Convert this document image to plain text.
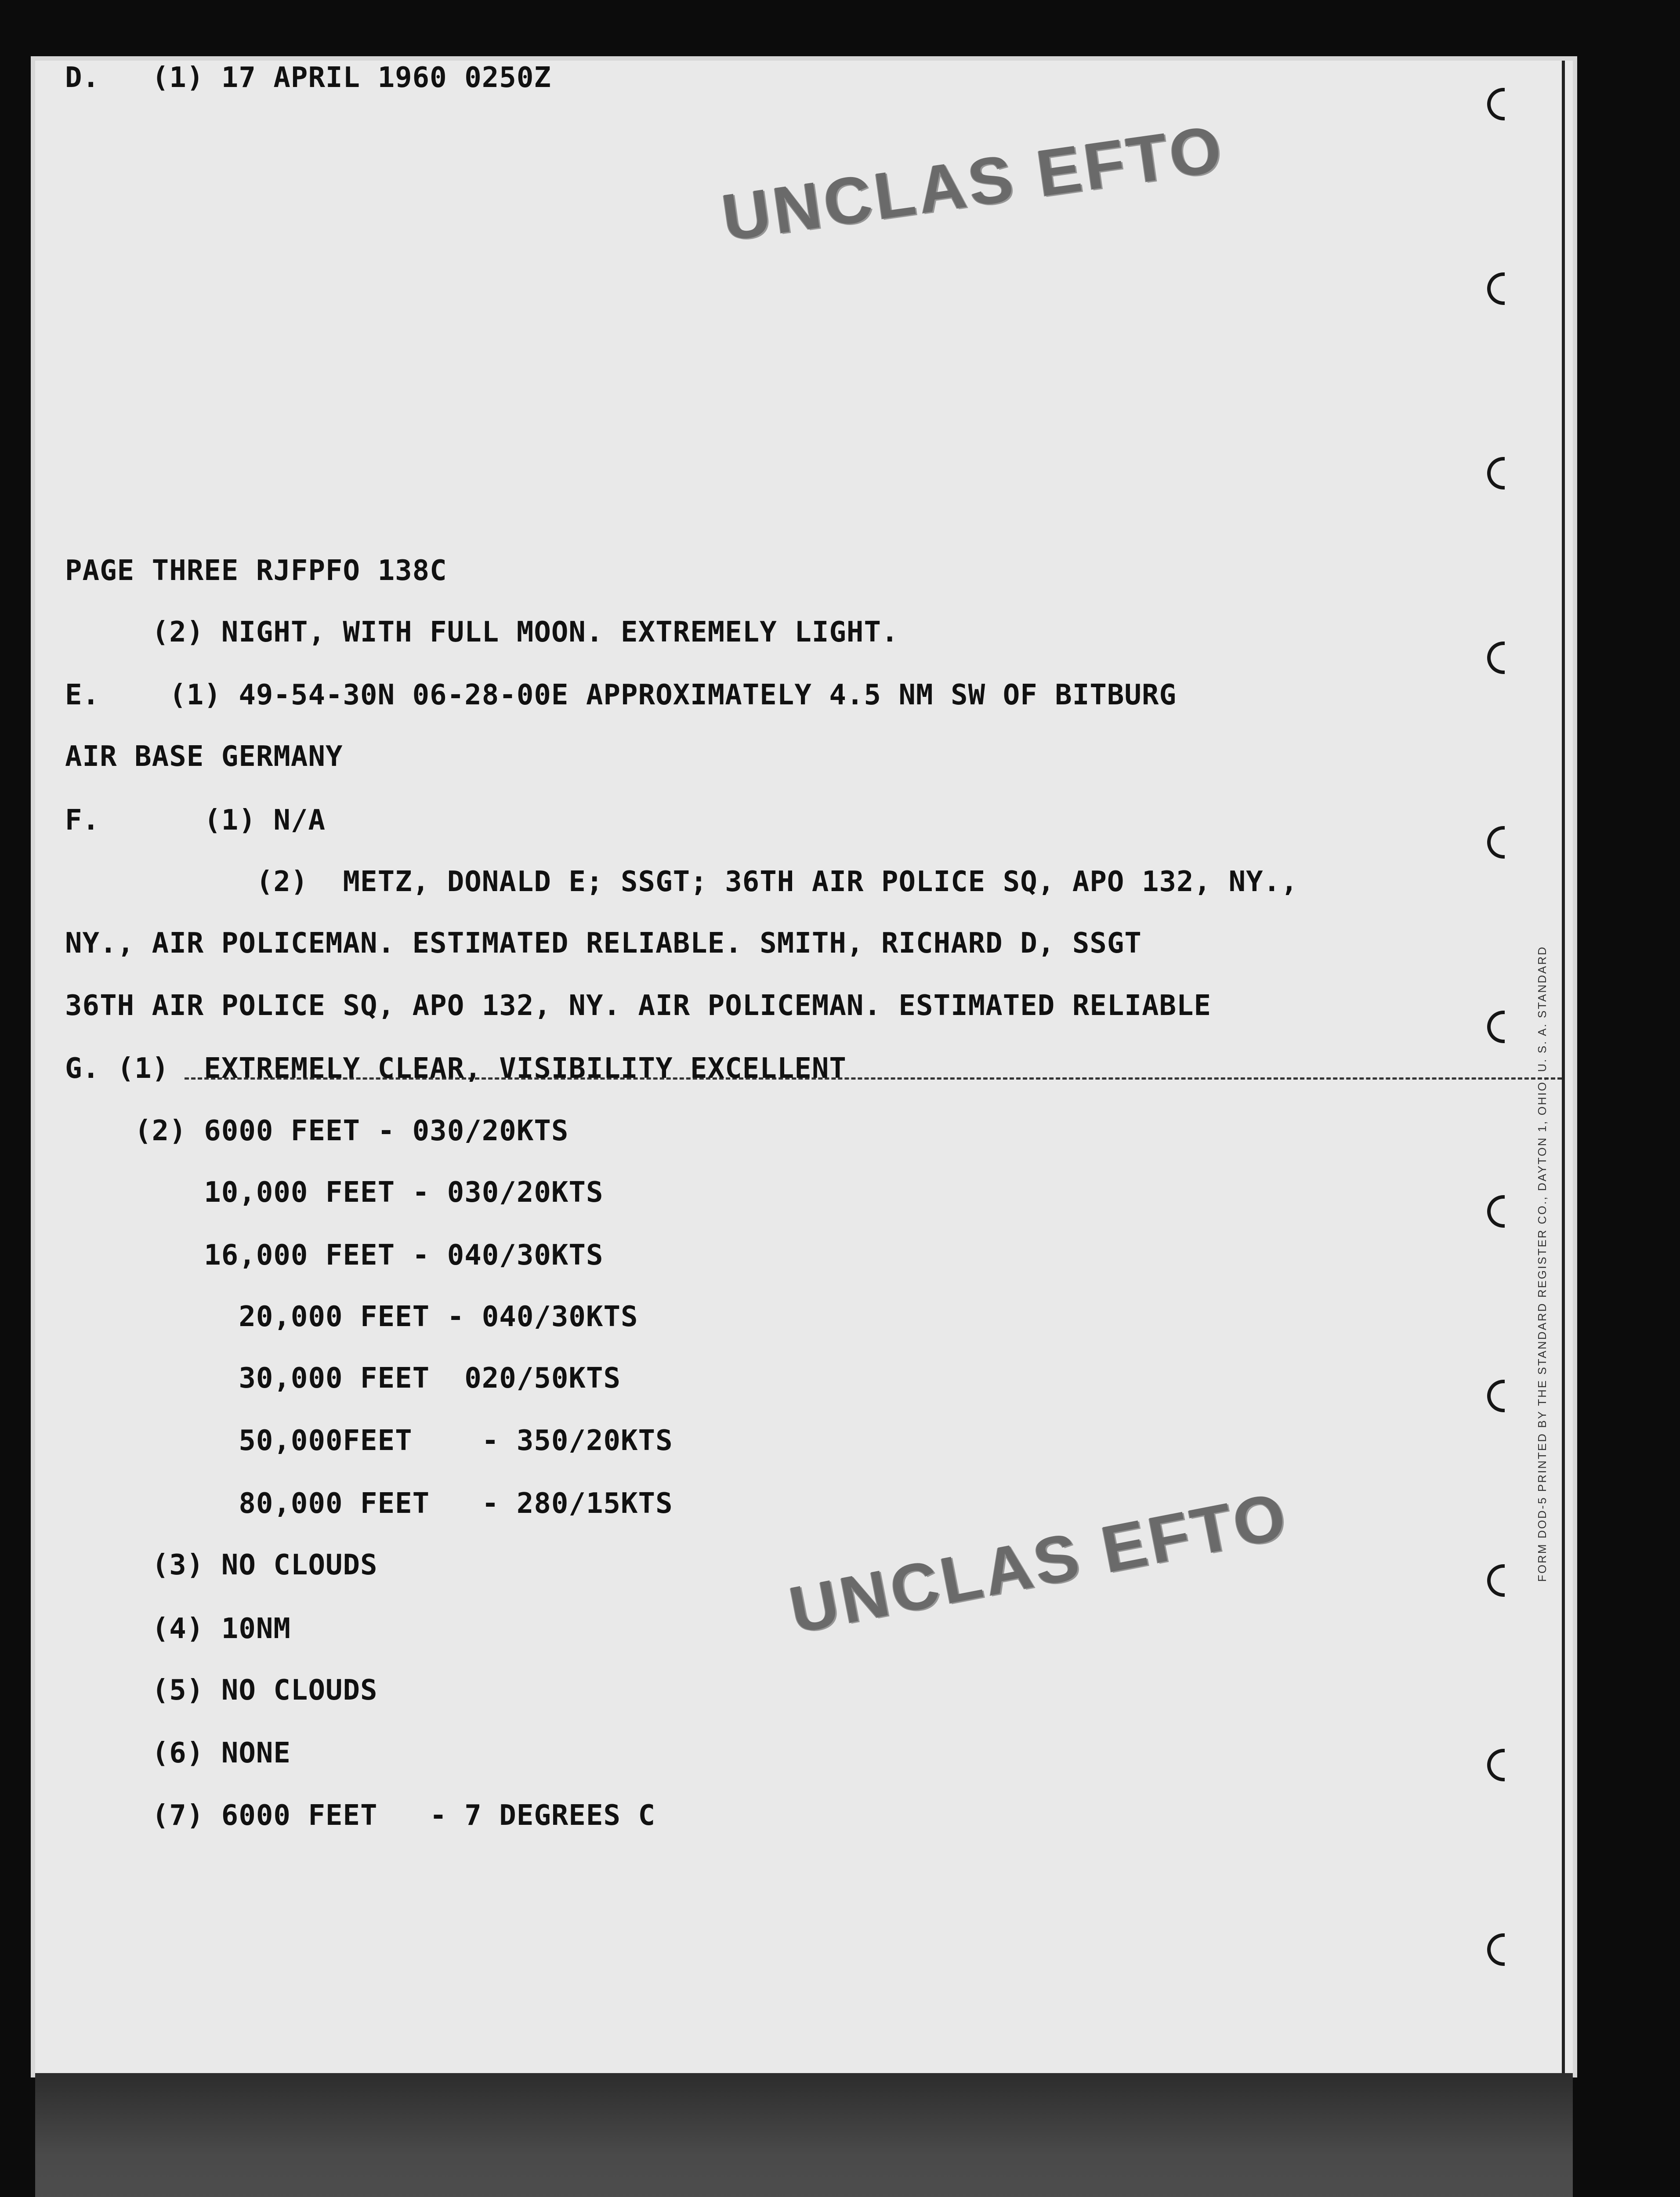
FORM DOD-5 PRINTED BY THE STANDARD REGISTER CO., DAYTON 1, OHIO, U. S. A. STANDARD
UNCLAS EFTO
UNCLAS EFTO
D.   (1) 17 APRIL 1960 0250Z
PAGE THREE RJFPFO 138C
(2) NIGHT, WITH FULL MOON. EXTREMELY LIGHT.
E.    (1) 49-54-30N 06-28-00E APPROXIMATELY 4.5 NM SW OF BITBURG
AIR BASE GERMANY
F.      (1) N/A
(2)  METZ, DONALD E; SSGT; 36TH AIR POLICE SQ, APO 132, NY.,
NY., AIR POLICEMAN. ESTIMATED RELIABLE. SMITH, RICHARD D, SSGT
36TH AIR POLICE SQ, APO 132, NY. AIR POLICEMAN. ESTIMATED RELIABLE
G. (1)  EXTREMELY CLEAR, VISIBILITY EXCELLENT
(2) 6000 FEET - 030/20KTS
10,000 FEET - 030/20KTS
16,000 FEET - 040/30KTS
20,000 FEET - 040/30KTS
30,000 FEET  020/50KTS
50,000FEET    - 350/20KTS
80,000 FEET   - 280/15KTS
(3) NO CLOUDS
(4) 10NM
(5) NO CLOUDS
(6) NONE
(7) 6000 FEET   - 7 DEGREES C
